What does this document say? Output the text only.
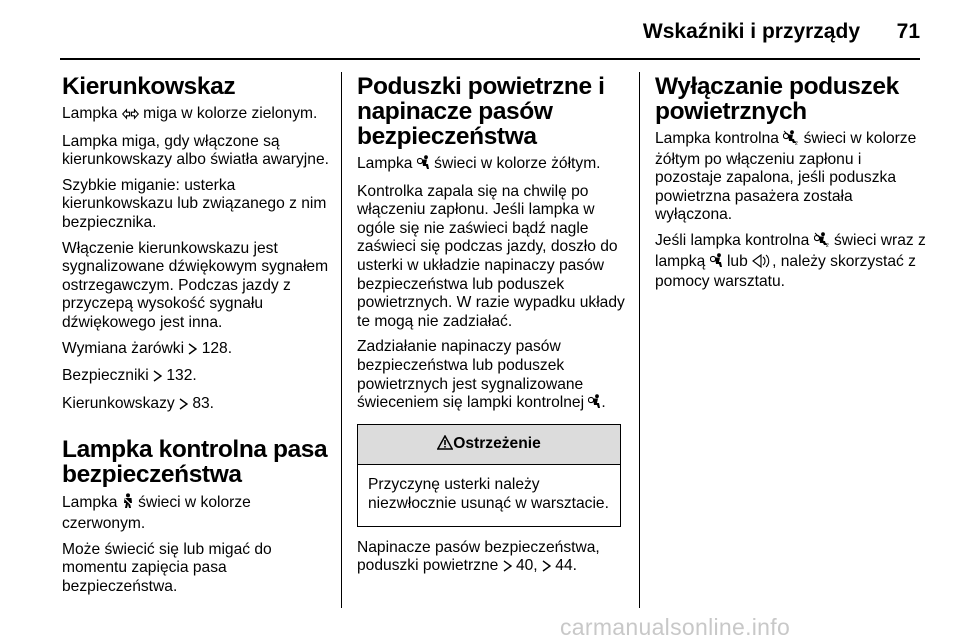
Wskaźniki i przyrządy	71
Kierunkowskaz

Lampka  miga w kolorze zielonym.

Lampka miga, gdy włączone są kierunkowskazy albo światła awaryjne.

Szybkie miganie: usterka kierunkowskazu lub związanego z nim bezpiecznika.

Włączenie kierunkowskazu jest sygnalizowane dźwiękowym sygnałem ostrzegawczym. Podczas jazdy z przyczepą wysokość sygnału dźwiękowego jest inna.

Wymiana żarówki  128.

Bezpieczniki  132.

Kierunkowskazy  83.

Lampka kontrolna pasa bezpieczeństwa

Lampka  świeci w kolorze czerwonym.

Może świecić się lub migać do momentu zapięcia pasa bezpieczeństwa.

Poduszki powietrzne i napinacze pasów bezpieczeństwa

Lampka  świeci w kolorze żółtym.

Kontrolka zapala się na chwilę po włączeniu zapłonu. Jeśli lampka w ogóle się nie zaświeci bądź nagle zaświeci się podczas jazdy, doszło do usterki w układzie napinaczy pasów bezpieczeństwa lub poduszek powietrznych. W razie wypadku układy te mogą nie zadziałać.

Zadziałanie napinaczy pasów bezpieczeństwa lub poduszek powietrznych jest sygnalizowane świeceniem się lampki kontrolnej .

Ostrzeżenie
Przyczynę usterki należy niezwłocznie usunąć w warsztacie.

Napinacze pasów bezpieczeństwa, poduszki powietrzne  40,  44.

Wyłączanie poduszek powietrznych

Lampka kontrolna 2 świeci w kolorze żółtym po włączeniu zapłonu i pozostaje zapalona, jeśli poduszka powietrzna pasażera została wyłączona.

Jeśli lampka kontrolna 2 świeci wraz z lampką  lub , należy skorzystać z pomocy warsztatu.

carmanualsonline.info
